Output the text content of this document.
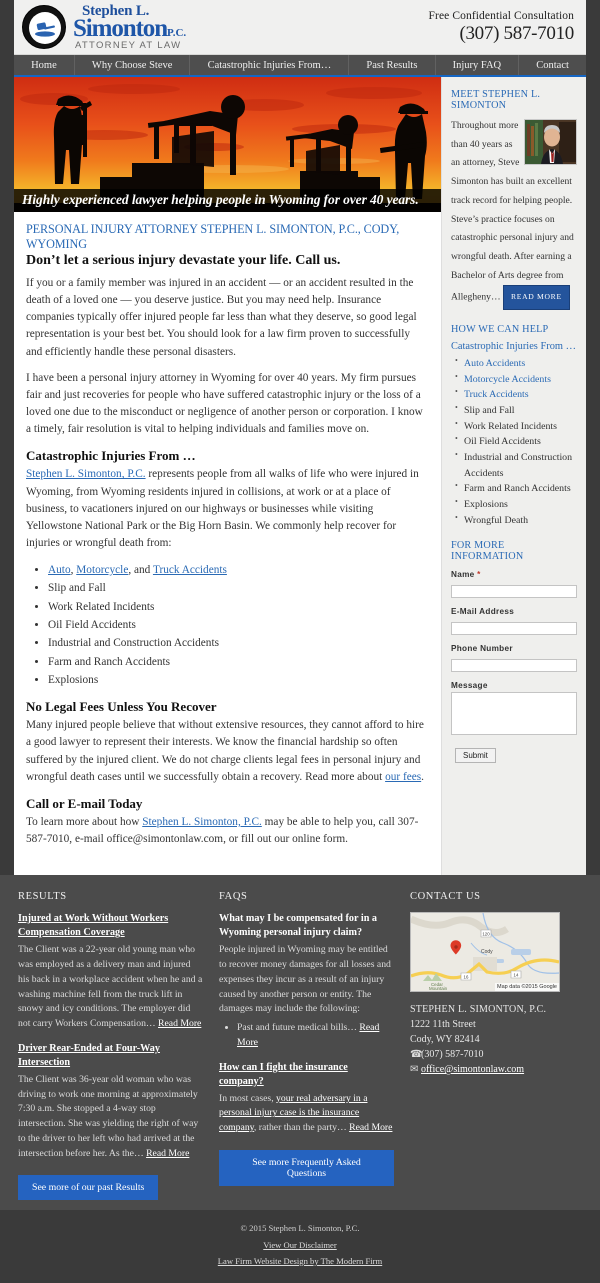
Stephen L.
SimontonP.C.
ATTORNEY AT LAW
Free Confidential Consultation
(307) 587-7010
Home	Why Choose Steve	Catastrophic Injuries From…	Past Results	Injury FAQ	Contact
Highly experienced lawyer helping people in Wyoming for over 40 years.
PERSONAL INJURY ATTORNEY STEPHEN L. SIMONTON, P.C., CODY, WYOMING
Don’t let a serious injury devastate your life. Call us.

If you or a family member was injured in an accident — or an accident resulted in the death of a loved one — you deserve justice. But you may need help. Insurance companies typically offer injured people far less than what they deserve, so good legal representation is your best bet. You should look for a law firm proven to successfully and efficiently handle these personal disasters.

I have been a personal injury attorney in Wyoming for over 40 years. My firm pursues fair and just recoveries for people who have suffered catastrophic injury or the loss of a loved one due to the misconduct or negligence of another person or corporation. I know a timely, fair resolution is vital to helping individuals and families move on.

Catastrophic Injuries From …

Stephen L. Simonton, P.C. represents people from all walks of life who were injured in Wyoming, from Wyoming residents injured in collisions, at work or at a place of business, to vacationers injured on our highways or businesses while visiting Yellowstone National Park or the Big Horn Basin. We commonly help recover for injuries or wrongful death from:

• Auto, Motorcycle, and Truck Accidents
• Slip and Fall
• Work Related Incidents
• Oil Field Accidents
• Industrial and Construction Accidents
• Farm and Ranch Accidents
• Explosions
No Legal Fees Unless You Recover

Many injured people believe that without extensive resources, they cannot afford to hire a good lawyer to represent their interests. We know the financial hardship so often suffered by the injured client. We do not charge clients legal fees in personal injury and wrongful death cases until we successfully obtain a recovery. Read more about our fees.

Call or E-mail Today

To learn more about how Stephen L. Simonton, P.C. may be able to help you, call 307-587-7010, e-mail office@simontonlaw.com, or fill out our online form.

MEET STEPHEN L. SIMONTON
Throughout more than 40 years as an attorney, Steve Simonton has built an excellent track record for helping people. Steve’s practice focuses on catastrophic personal injury and wrongful death. After earning a Bachelor of Arts degree from Allegheny… READ MORE
HOW WE CAN HELP
Catastrophic Injuries From …
• Auto Accidents
• Motorcycle Accidents
• Truck Accidents
• Slip and Fall
• Work Related Incidents
• Oil Field Accidents
• Industrial and Construction Accidents
• Farm and Ranch Accidents
• Explosions
• Wrongful Death
FOR MORE INFORMATION
Name *
E-Mail Address
Phone Number
Message
Submit
RESULTS
Injured at Work Without Workers Compensation Coverage
The Client was a 22-year old young man who was employed as a delivery man and injured his back in a workplace accident when he and a washing machine fell from the truck lift in snowy and icy conditions. The employer did not carry Workers Compensation… Read More
Driver Rear-Ended at Four-Way Intersection
The Client was 36-year old woman who was driving to work one morning at approximately 7:30 a.m. She stopped a 4-way stop intersection. She was yielding the right of way to the driver to her left who had arrived at the intersection before her. As the… Read More
See more of our past Results
FAQS
What may I be compensated for in a Wyoming personal injury claim?
People injured in Wyoming may be entitled to recover money damages for all losses and expenses they incur as a result of an injury caused by another person or entity. The damages may include the following:
• Past and future medical bills… Read More
How can I fight the insurance company?
In most cases, your real adversary in a personal injury case is the insurance company, rather than the party… Read More
See more Frequently Asked Questions
CONTACT US
120
16	14
Cody
Cedar
Mountain	Map data ©2015 Google
STEPHEN L. SIMONTON, P.C.
1222 11th Street
Cody, WY 82414
☎(307) 587-7010
✉ office@simontonlaw.com
© 2015 Stephen L. Simonton, P.C.
View Our Disclaimer
Law Firm Website Design by The Modern Firm
